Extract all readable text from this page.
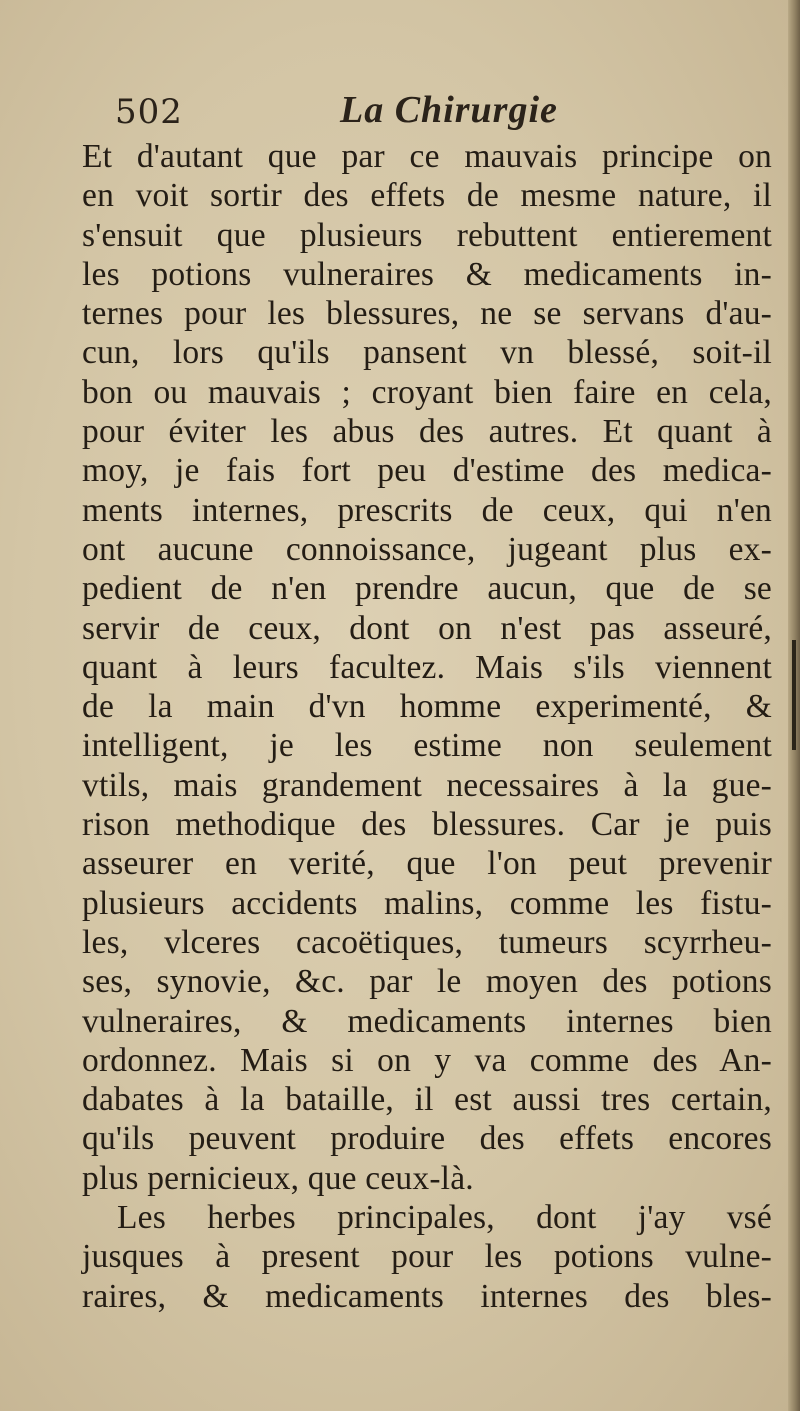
502	La Chirurgie
Et d'autant que par ce mauvais principe on
en voit sortir des effets de mesme nature, il
s'ensuit que plusieurs rebuttent entierement
les potions vulneraires & medicaments in-
ternes pour les blessures, ne se servans d'au-
cun, lors qu'ils pansent vn blessé, soit-il
bon ou mauvais ; croyant bien faire en cela,
pour éviter les abus des autres. Et quant à
moy, je fais fort peu d'estime des medica-
ments internes, prescrits de ceux, qui n'en
ont aucune connoissance, jugeant plus ex-
pedient de n'en prendre aucun, que de se
servir de ceux, dont on n'est pas asseuré,
quant à leurs facultez. Mais s'ils viennent
de la main d'vn homme experimenté, &
intelligent, je les estime non seulement
vtils, mais grandement necessaires à la gue-
rison methodique des blessures. Car je puis
asseurer en verité, que l'on peut prevenir
plusieurs accidents malins, comme les fistu-
les, vlceres cacoëtiques, tumeurs scyrrheu-
ses, synovie, &c. par le moyen des potions
vulneraires, & medicaments internes bien
ordonnez. Mais si on y va comme des An-
dabates à la bataille, il est aussi tres certain,
qu'ils peuvent produire des effets encores
plus pernicieux, que ceux-là.
Les herbes principales, dont j'ay vsé
jusques à present pour les potions vulne-
raires, & medicaments internes des bles-
